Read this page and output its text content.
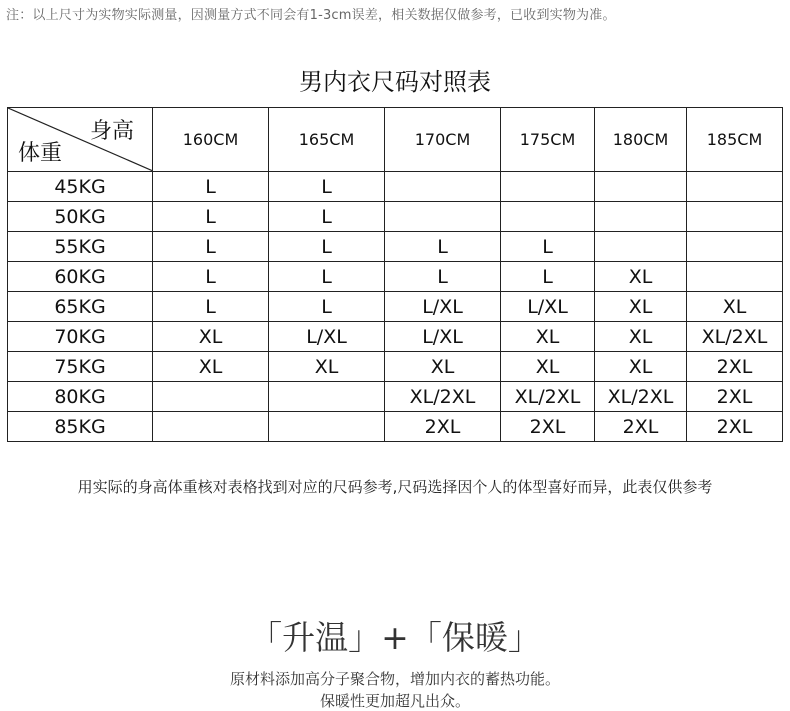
注：以上尺寸为实物实际测量，因测量方式不同会有1-3cm误差，相关数据仅做参考，已收到实物为准。
男内衣尺码对照表
身高
体重	160CM	165CM	170CM	175CM	180CM	185CM
45KG	L	L				
50KG	L	L				
55KG	L	L	L	L		
60KG	L	L	L	L	XL	
65KG	L	L	L/XL	L/XL	XL	XL
70KG	XL	L/XL	L/XL	XL	XL	XL/2XL
75KG	XL	XL	XL	XL	XL	2XL
80KG			XL/2XL	XL/2XL	XL/2XL	2XL
85KG			2XL	2XL	2XL	2XL
用实际的身高体重核对表格找到对应的尺码参考,尺码选择因个人的体型喜好而异，此表仅供参考
「升温」+「保暖」
原材料添加高分子聚合物，增加内衣的蓄热功能。
保暖性更加超凡出众。
